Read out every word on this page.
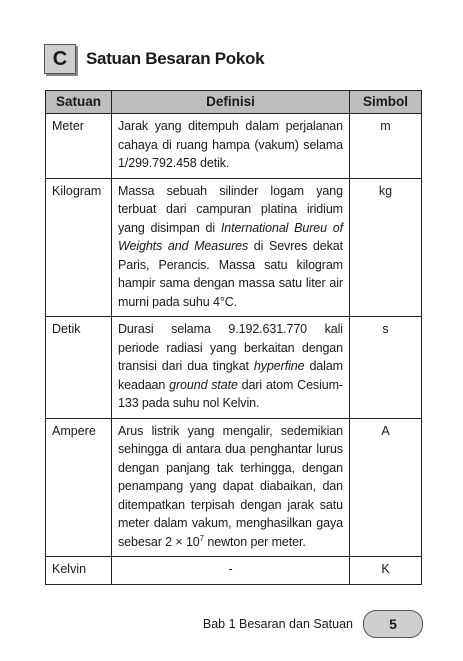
C	Satuan Besaran Pokok
Satuan	Definisi	Simbol
Meter	Jarak yang ditempuh dalam perjalanan cahaya di ruang hampa (vakum) selama 1/299.792.458 detik.	m
Kilogram	Massa sebuah silinder logam yang terbuat dari campuran platina iridium yang disimpan di International Bureu of Weights and Measures di Sevres dekat Paris, Perancis. Massa satu kilogram hampir sama dengan massa satu liter air murni pada suhu 4°C.	kg
Detik	Durasi selama 9.192.631.770 kali periode radiasi yang berkaitan dengan transisi dari dua tingkat hyperfine dalam keadaan ground state dari atom Cesium-133 pada suhu nol Kelvin.	s
Ampere	Arus listrik yang mengalir, sedemikian sehingga di antara dua penghantar lurus dengan panjang tak terhingga, dengan penampang yang dapat diabaikan, dan ditempatkan terpisah dengan jarak satu meter dalam vakum, menghasilkan gaya sebesar $2 \times 10^7$ newton per meter.	A
Kelvin	-	K
Bab 1 Besaran dan Satuan	5
